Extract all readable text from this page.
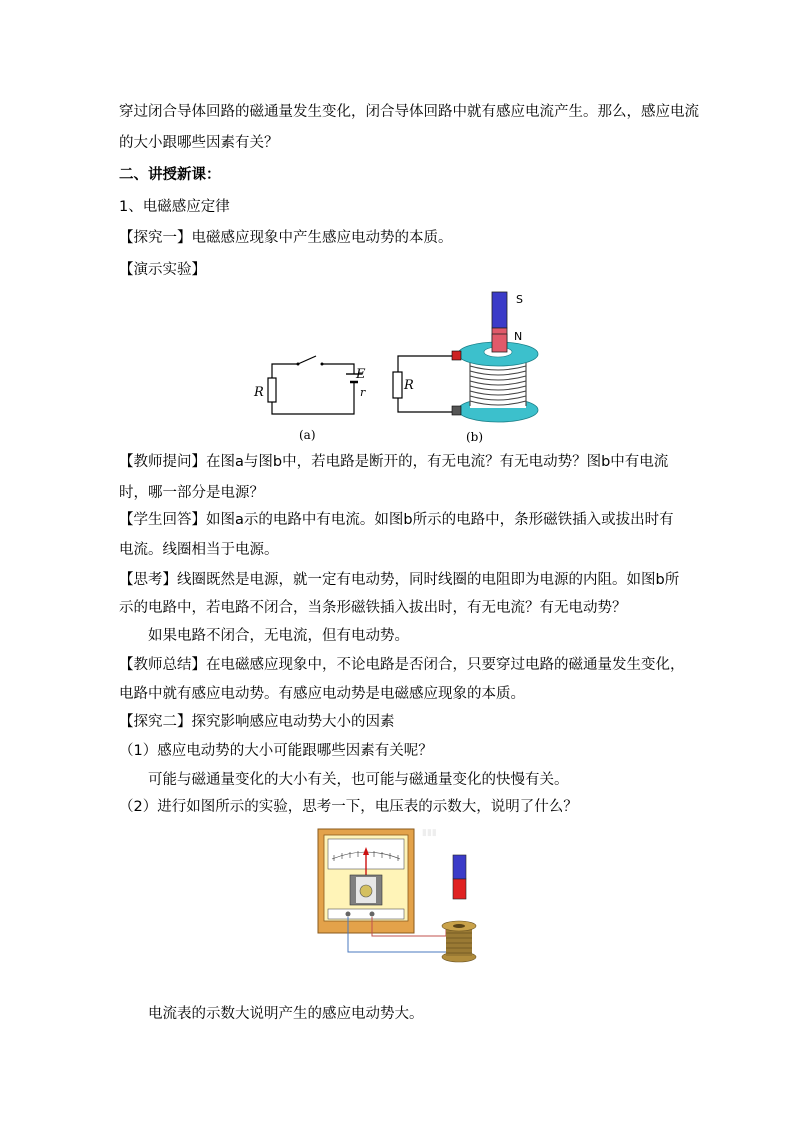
穿过闭合导体回路的磁通量发生变化，闭合导体回路中就有感应电流产生。那么，感应电流
的大小跟哪些因素有关？
二、讲授新课：
1、电磁感应定律
【探究一】电磁感应现象中产生感应电动势的本质。
【演示实验】
R
E
r
(a)
R
S
N
(b)
【教师提问】在图a与图b中，若电路是断开的，有无电流？有无电动势？图b中有电流
时，哪一部分是电源？
【学生回答】如图a示的电路中有电流。如图b所示的电路中，条形磁铁插入或拔出时有
电流。线圈相当于电源。
【思考】线圈既然是电源，就一定有电动势，同时线圈的电阻即为电源的内阻。如图b所
示的电路中，若电路不闭合，当条形磁铁插入拔出时，有无电流？有无电动势？
如果电路不闭合，无电流，但有电动势。
【教师总结】在电磁感应现象中，不论电路是否闭合，只要穿过电路的磁通量发生变化，
电路中就有感应电动势。有感应电动势是电磁感应现象的本质。
【探究二】探究影响感应电动势大小的因素
（1）感应电动势的大小可能跟哪些因素有关呢？
可能与磁通量变化的大小有关，也可能与磁通量变化的快慢有关。
（2）进行如图所示的实验，思考一下，电压表的示数大，说明了什么？
▮▮▮
电流表的示数大说明产生的感应电动势大。
